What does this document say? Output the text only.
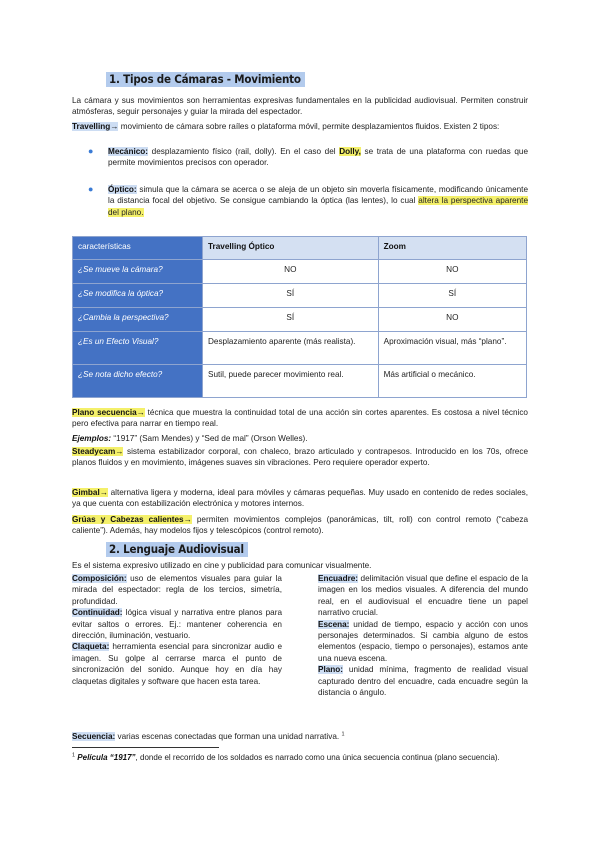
1. Tipos de Cámaras - Movimiento
La cámara y sus movimientos son herramientas expresivas fundamentales en la publicidad audiovisual. Permiten construir atmósferas, seguir personajes y guiar la mirada del espectador.
Travelling→ movimiento de cámara sobre raíles o plataforma móvil, permite desplazamientos fluidos. Existen 2 tipos:
● Mecánico: desplazamiento físico (rail, dolly). En el caso del Dolly, se trata de una plataforma con ruedas que permite movimientos precisos con operador.
● Óptico: simula que la cámara se acerca o se aleja de un objeto sin moverla físicamente, modificando únicamente la distancia focal del objetivo. Se consigue cambiando la óptica (las lentes), lo cual altera la perspectiva aparente del plano.
características	Travelling Óptico	Zoom
¿Se mueve la cámara?	NO	NO
¿Se modifica la óptica?	SÍ	SÍ
¿Cambia la perspectiva?	SÍ	NO
¿Es un Efecto Visual?	Desplazamiento aparente (más realista).	Aproximación visual, más “plano”.
¿Se nota dicho efecto?	Sutil, puede parecer movimiento real.	Más artificial o mecánico.
Plano secuencia→ técnica que muestra la continuidad total de una acción sin cortes aparentes. Es costosa a nivel técnico pero efectiva para narrar en tiempo real.
Ejemplos: “1917” (Sam Mendes) y “Sed de mal” (Orson Welles).
Steadycam→ sistema estabilizador corporal, con chaleco, brazo articulado y contrapesos. Introducido en los 70s, ofrece planos fluidos y en movimiento, imágenes suaves sin vibraciones. Pero requiere operador experto.
Gimbal→ alternativa ligera y moderna, ideal para móviles y cámaras pequeñas. Muy usado en contenido de redes sociales, ya que cuenta con estabilización electrónica y motores internos.
Grúas y Cabezas calientes→ permiten movimientos complejos (panorámicas, tilt, roll) con control remoto (“cabeza caliente”). Además, hay modelos fijos y telescópicos (control remoto).
2. Lenguaje Audiovisual
Es el sistema expresivo utilizado en cine y publicidad para comunicar visualmente.
Composición: uso de elementos visuales para guiar la mirada del espectador: regla de los tercios, simetría, profundidad.
Continuidad: lógica visual y narrativa entre planos para evitar saltos o errores. Ej.: mantener coherencia en dirección, iluminación, vestuario.
Claqueta: herramienta esencial para sincronizar audio e imagen. Su golpe al cerrarse marca el punto de sincronización del sonido. Aunque hoy en día hay claquetas digitales y software que hacen esta tarea.
Encuadre: delimitación visual que define el espacio de la imagen en los medios visuales. A diferencia del mundo real, en el audiovisual el encuadre tiene un papel narrativo crucial.
Escena: unidad de tiempo, espacio y acción con unos personajes determinados. Si cambia alguno de estos elementos (espacio, tiempo o personajes), estamos ante una nueva escena.
Plano: unidad mínima, fragmento de realidad visual capturado dentro del encuadre, cada encuadre según la distancia o ángulo.
Secuencia: varias escenas conectadas que forman una unidad narrativa. $^1$
$^1$ Película “1917”, donde el recorrido de los soldados es narrado como una única secuencia continua (plano secuencia).
